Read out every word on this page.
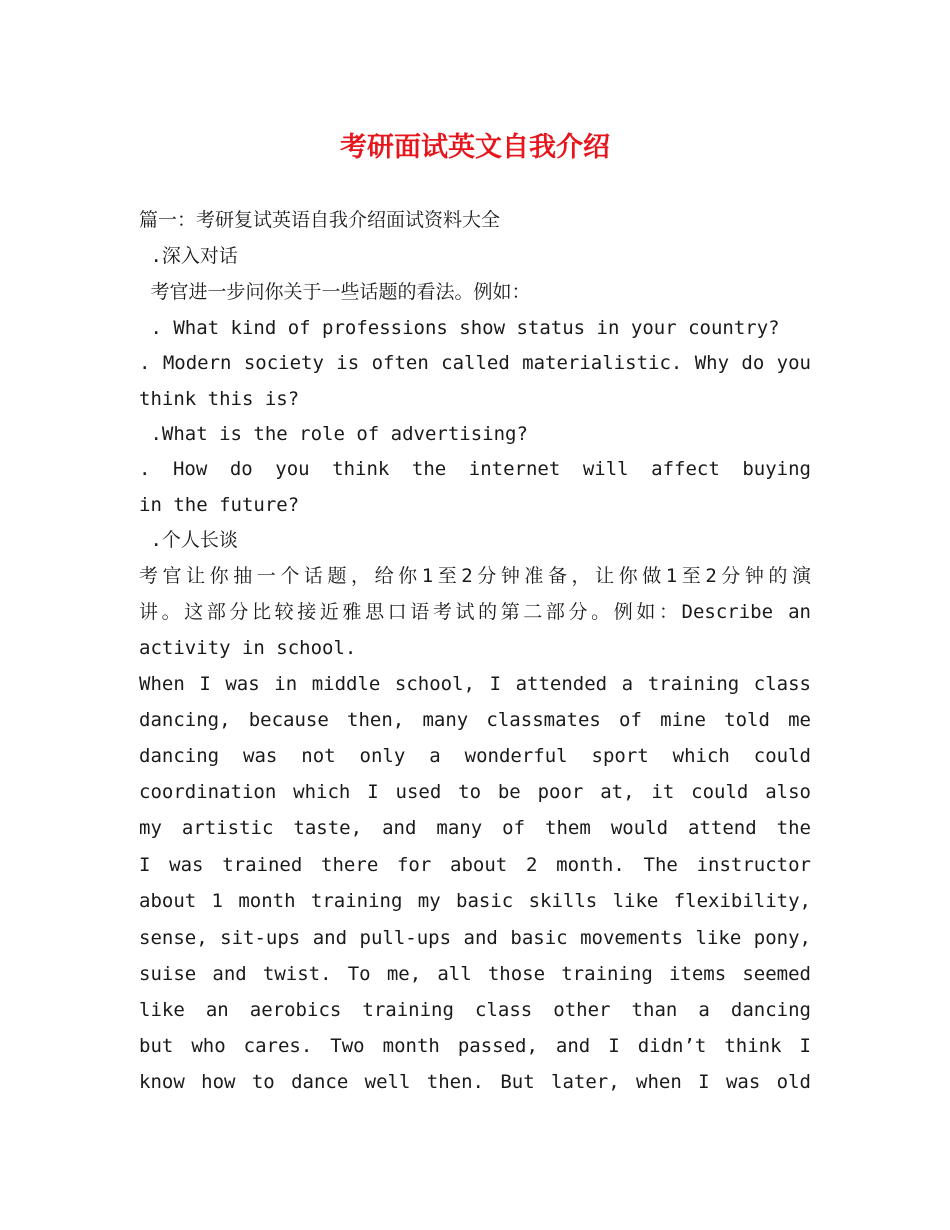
考研面试英文自我介绍
篇一：考研复试英语自我介绍面试资料大全
.深入对话
考官进一步问你关于一些话题的看法。例如：
. What kind of professions show status in your country?
. Modern society is often called materialistic. Why do you
think this is?
.What is the role of advertising?
. How do you think the internet will affect buying
in the future?
.个人长谈
考官让你抽一个话题，给你1至2分钟准备，让你做1至2分钟的演
讲。这部分比较接近雅思口语考试的第二部分。例如：Describe an
activity in school.
When I was in middle school, I attended a training class
dancing, because then, many classmates of mine told me
dancing was not only a wonderful sport which could
coordination which I used to be poor at, it could also
my artistic taste, and many of them would attend the
I was trained there for about 2 month. The instructor
about 1 month training my basic skills like flexibility,
sense, sit-ups and pull-ups and basic movements like pony,
suise and twist. To me, all those training items seemed
like an aerobics training class other than a dancing
but who cares. Two month passed, and I didn’t think I
know how to dance well then. But later, when I was old
